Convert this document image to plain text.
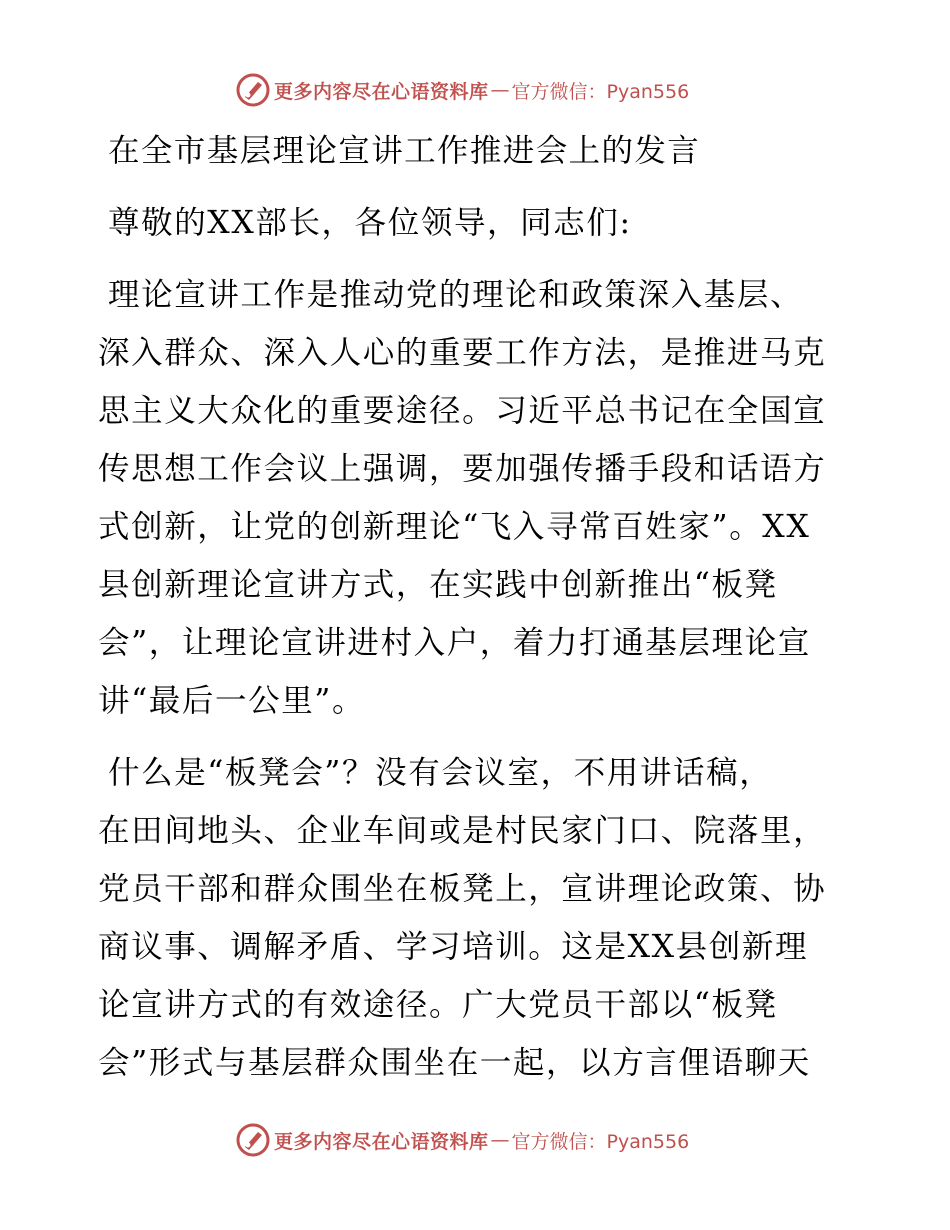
更多内容尽在心语资料库 — 官方微信：Pyan556
在全市基层理论宣讲工作推进会上的发言
尊敬的XX部长，各位领导，同志们:
理论宣讲工作是推动党的理论和政策深入基层、
深入群众、深入人心的重要工作方法，是推进马克
思主义大众化的重要途径。习近平总书记在全国宣
传思想工作会议上强调，要加强传播手段和话语方
式创新，让党的创新理论“飞入寻常百姓家”。XX
县创新理论宣讲方式，在实践中创新推出“板凳
会”，让理论宣讲进村入户，着力打通基层理论宣
讲“最后一公里”。
什么是“板凳会”？没有会议室，不用讲话稿，
在田间地头、企业车间或是村民家门口、院落里，
党员干部和群众围坐在板凳上，宣讲理论政策、协
商议事、调解矛盾、学习培训。这是XX县创新理
论宣讲方式的有效途径。广大党员干部以“板凳
会”形式与基层群众围坐在一起，以方言俚语聊天
更多内容尽在心语资料库 — 官方微信：Pyan556
